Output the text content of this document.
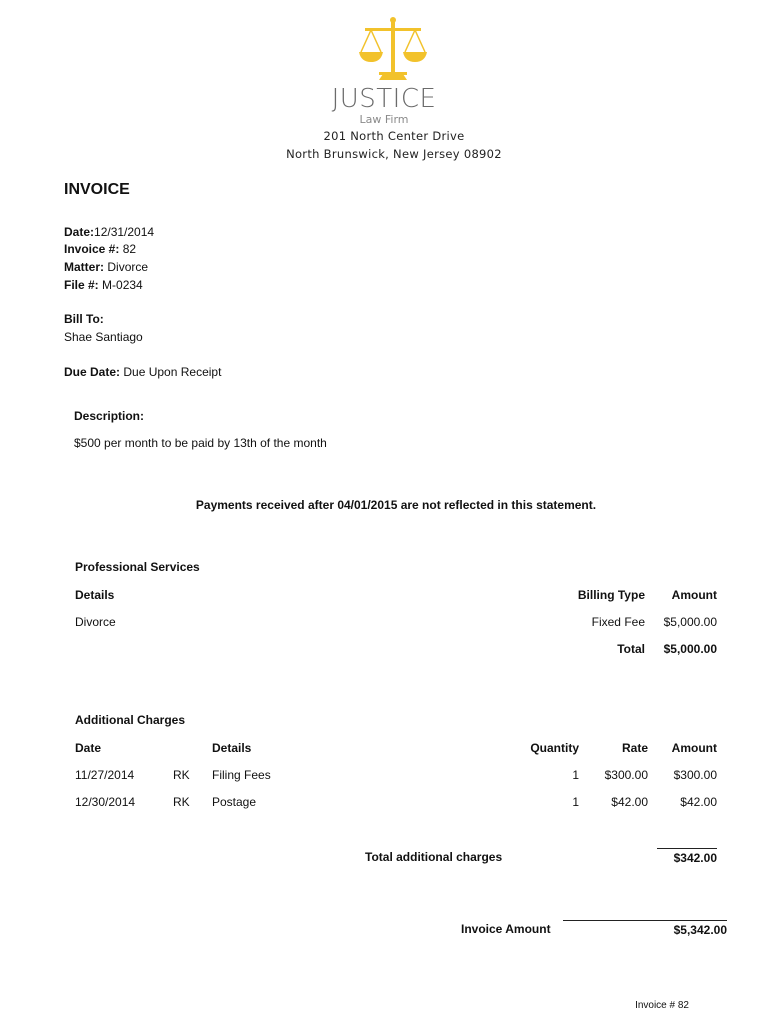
JUSTICE
Law Firm
201 North Center Drive
North Brunswick, New Jersey 08902
INVOICE
Date:12/31/2014
Invoice #: 82
Matter: Divorce
File #: M-0234
Bill To:
Shae Santiago
Due Date: Due Upon Receipt
Description:
$500 per month to be paid by 13th of the month
Payments received after 04/01/2015 are not reflected in this statement.
Professional Services
Details	Billing Type	Amount
Divorce	Fixed Fee	$5,000.00
Total	$5,000.00
Additional Charges
Date	Details	Quantity	Rate	Amount
11/27/2014	RK Filing Fees	1	$300.00	$300.00
12/30/2014	RK Postage	1	$42.00	$42.00
Total additional charges	$342.00
Invoice Amount	$5,342.00
Invoice # 82
